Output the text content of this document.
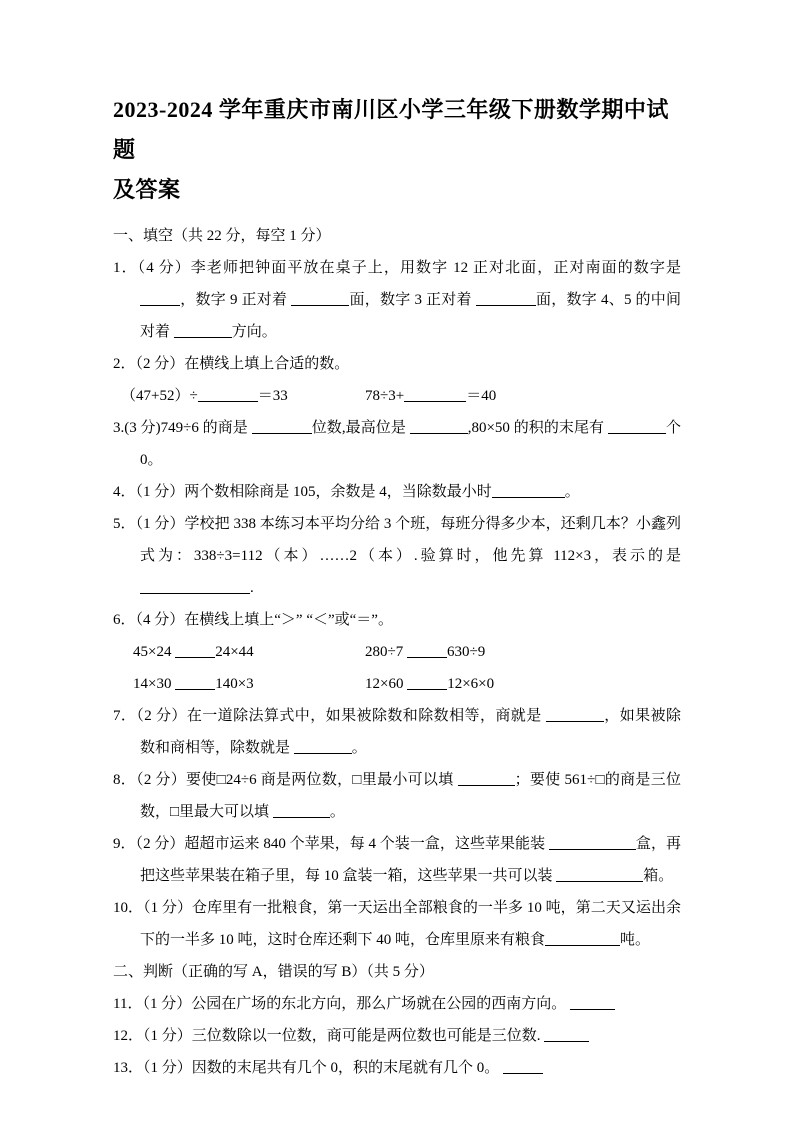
2023-2024 学年重庆市南川区小学三年级下册数学期中试题
及答案

一、填空（共 22 分，每空 1 分）

1．（4 分）李老师把钟面平放在桌子上，用数字 12 正对北面，正对南面的数字是 ，数字 9 正对着	面，数字 3 正对着	面，数字 4、5 的中间对着	方向。

2．（2 分）在横线上填上合适的数。

（47+52）÷	＝33	78÷3+	＝40

3.(3 分)749÷6 的商是	位数,最高位是	,80×50 的积的末尾有	个 0。

4．（1 分）两个数相除商是 105，余数是 4，当除数最小时	。

5．（1 分）学校把 338 本练习本平均分给 3 个班，每班分得多少本，还剩几本？小鑫列式为：338÷3=112（本）……2（本）.验算时，他先算 112×3，表示的是 .

6．（4 分）在横线上填上“＞” “＜”或“＝”。

45×24	24×44	280÷7	630÷9
14×30	140×3	12×60	12×6×0

7．（2 分）在一道除法算式中，如果被除数和除数相等，商就是	，如果被除数和商相等，除数就是	。

8．（2 分）要使□24÷6 商是两位数，□里最小可以填	；要使 561÷□的商是三位数，□里最大可以填	。

9．（2 分）超超市运来 840 个苹果，每 4 个装一盒，这些苹果能装	盒，再把这些苹果装在箱子里，每 10 盒装一箱，这些苹果一共可以装	箱。

10．（1 分）仓库里有一批粮食，第一天运出全部粮食的一半多 10 吨，第二天又运出余下的一半多 10 吨，这时仓库还剩下 40 吨，仓库里原来有粮食	吨。

二、判断（正确的写 A，错误的写 B）（共 5 分）

11．（1 分）公园在广场的东北方向，那么广场就在公园的西南方向。

12．（1 分）三位数除以一位数，商可能是两位数也可能是三位数.

13．（1 分）因数的末尾共有几个 0，积的末尾就有几个 0。
